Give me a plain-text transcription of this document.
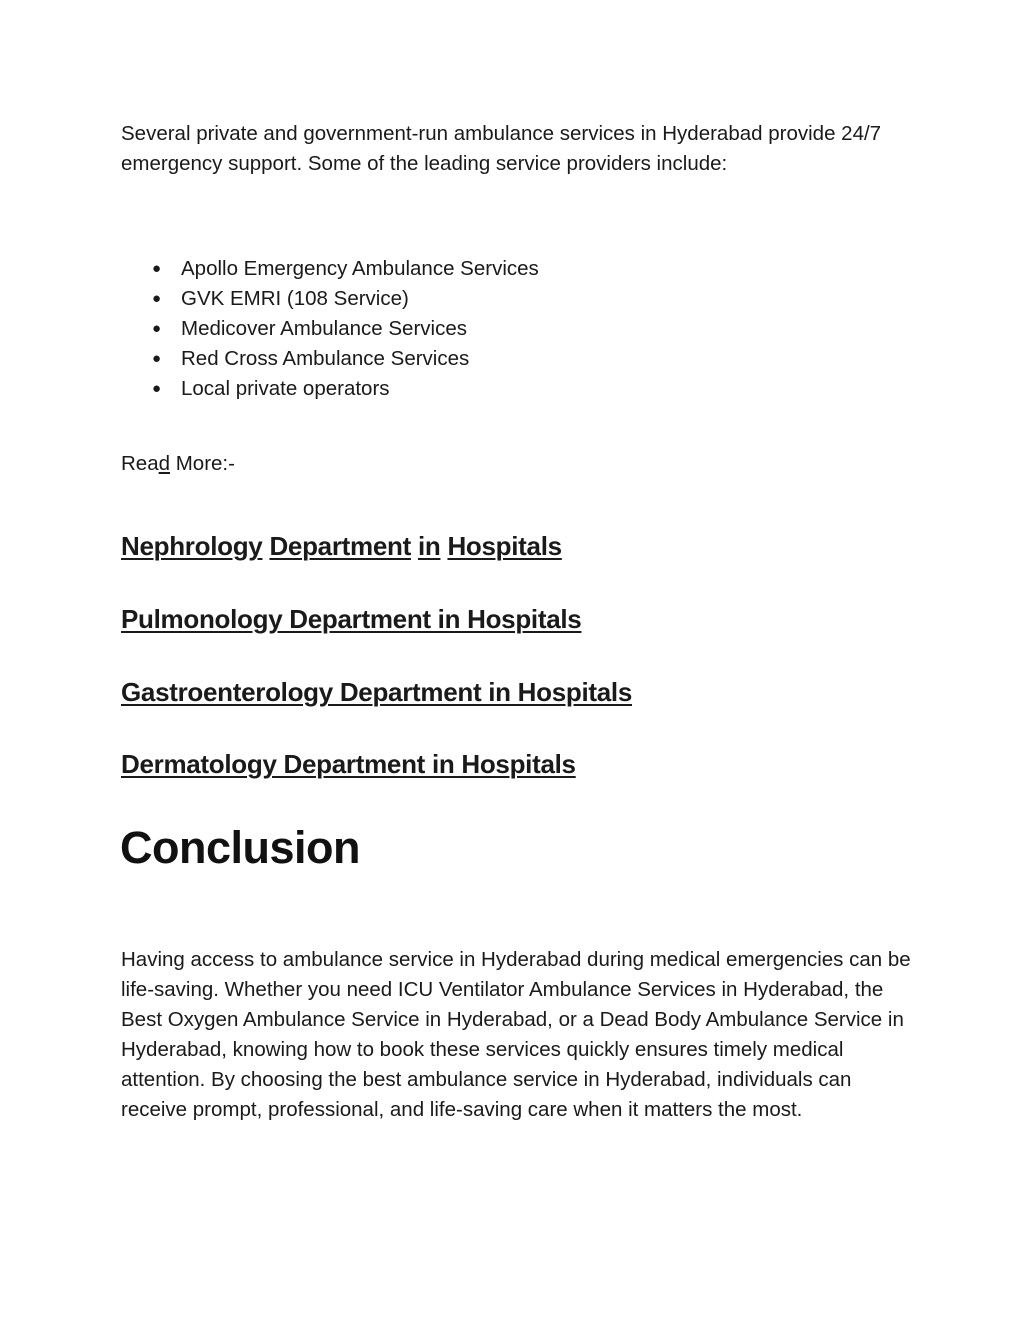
Several private and government-run ambulance services in Hyderabad provide 24/7 emergency support. Some of the leading service providers include:

● Apollo Emergency Ambulance Services
● GVK EMRI (108 Service)
● Medicover Ambulance Services
● Red Cross Ambulance Services
● Local private operators

Read More:-

Nephrology Department in Hospitals
Pulmonology Department in Hospitals
Gastroenterology Department in Hospitals
Dermatology Department in Hospitals
Conclusion

Having access to ambulance service in Hyderabad during medical emergencies can be life-saving. Whether you need ICU Ventilator Ambulance Services in Hyderabad, the Best Oxygen Ambulance Service in Hyderabad, or a Dead Body Ambulance Service in Hyderabad, knowing how to book these services quickly ensures timely medical attention. By choosing the best ambulance service in Hyderabad, individuals can receive prompt, professional, and life-saving care when it matters the most.
